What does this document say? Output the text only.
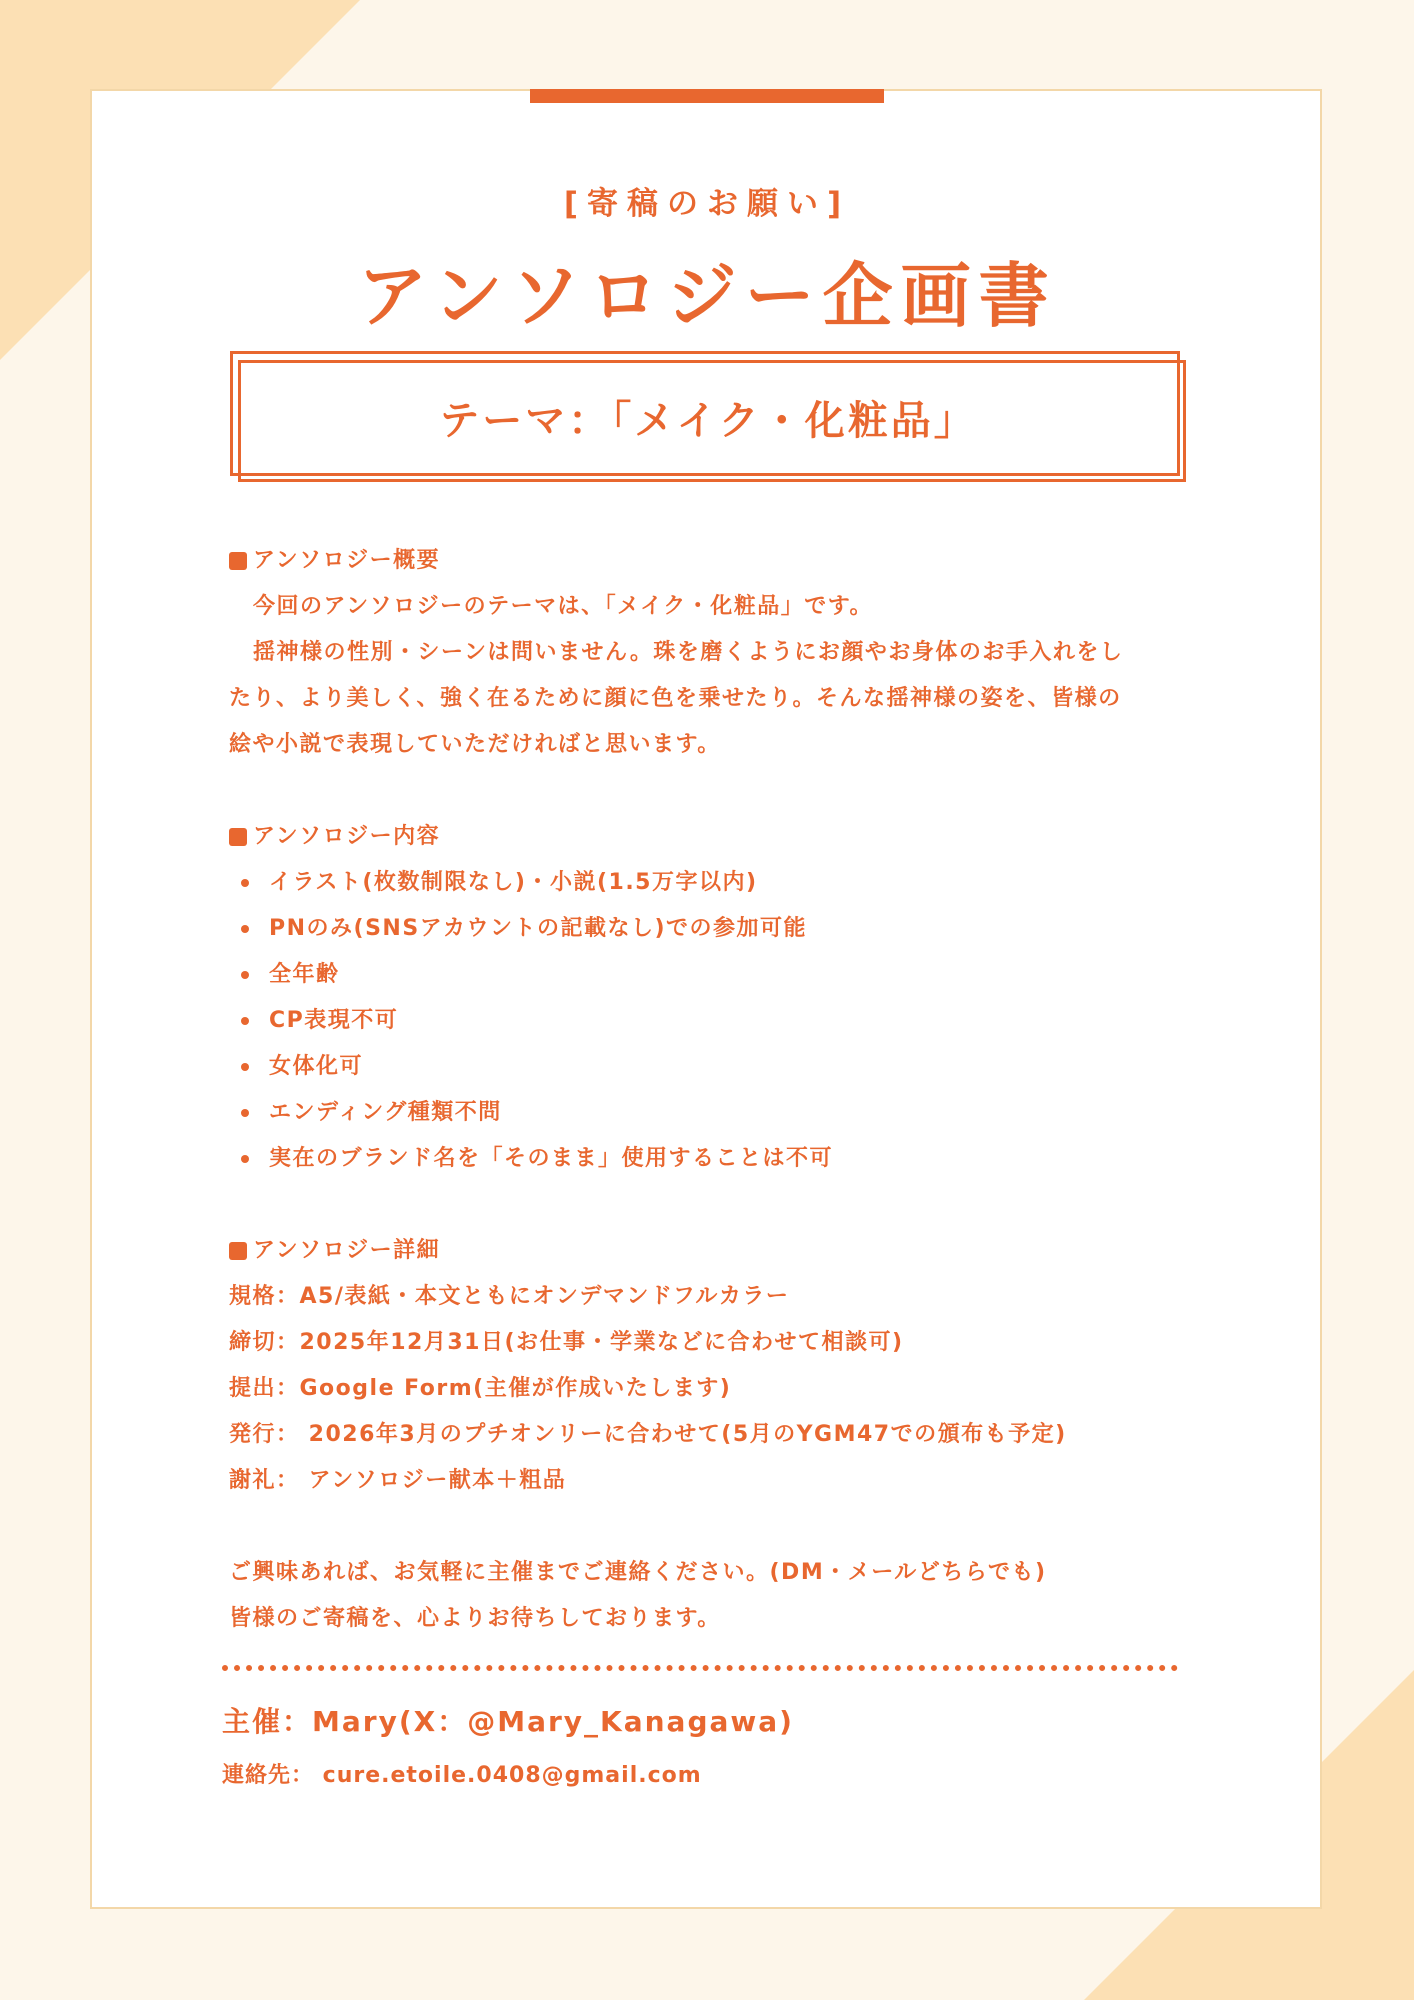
[寄稿のお願い]
アンソロジー企画書
テーマ：「メイク・化粧品」
アンソロジー概要
今回のアンソロジーのテーマは、「メイク・化粧品」です。
揺神様の性別・シーンは問いません。珠を磨くようにお顔やお身体のお手入れをし
たり、より美しく、強く在るために顔に色を乗せたり。そんな揺神様の姿を、皆様の
絵や小説で表現していただければと思います。
アンソロジー内容
イラスト(枚数制限なし)・小説(1.5万字以内)
PNのみ(SNSアカウントの記載なし)での参加可能
全年齢
CP表現不可
女体化可
エンディング種類不問
実在のブランド名を「そのまま」使用することは不可
アンソロジー詳細
規格：A5/表紙・本文ともにオンデマンドフルカラー
締切：2025年12月31日(お仕事・学業などに合わせて相談可)
提出：Google Form(主催が作成いたします)
発行： 2026年3月のプチオンリーに合わせて(5月のYGM47での頒布も予定)
謝礼： アンソロジー献本＋粗品
ご興味あれば、お気軽に主催までご連絡ください。(DM・メールどちらでも)
皆様のご寄稿を、心よりお待ちしております。
主催：Mary(X：@Mary_Kanagawa)
連絡先： cure.etoile.0408@gmail.com
